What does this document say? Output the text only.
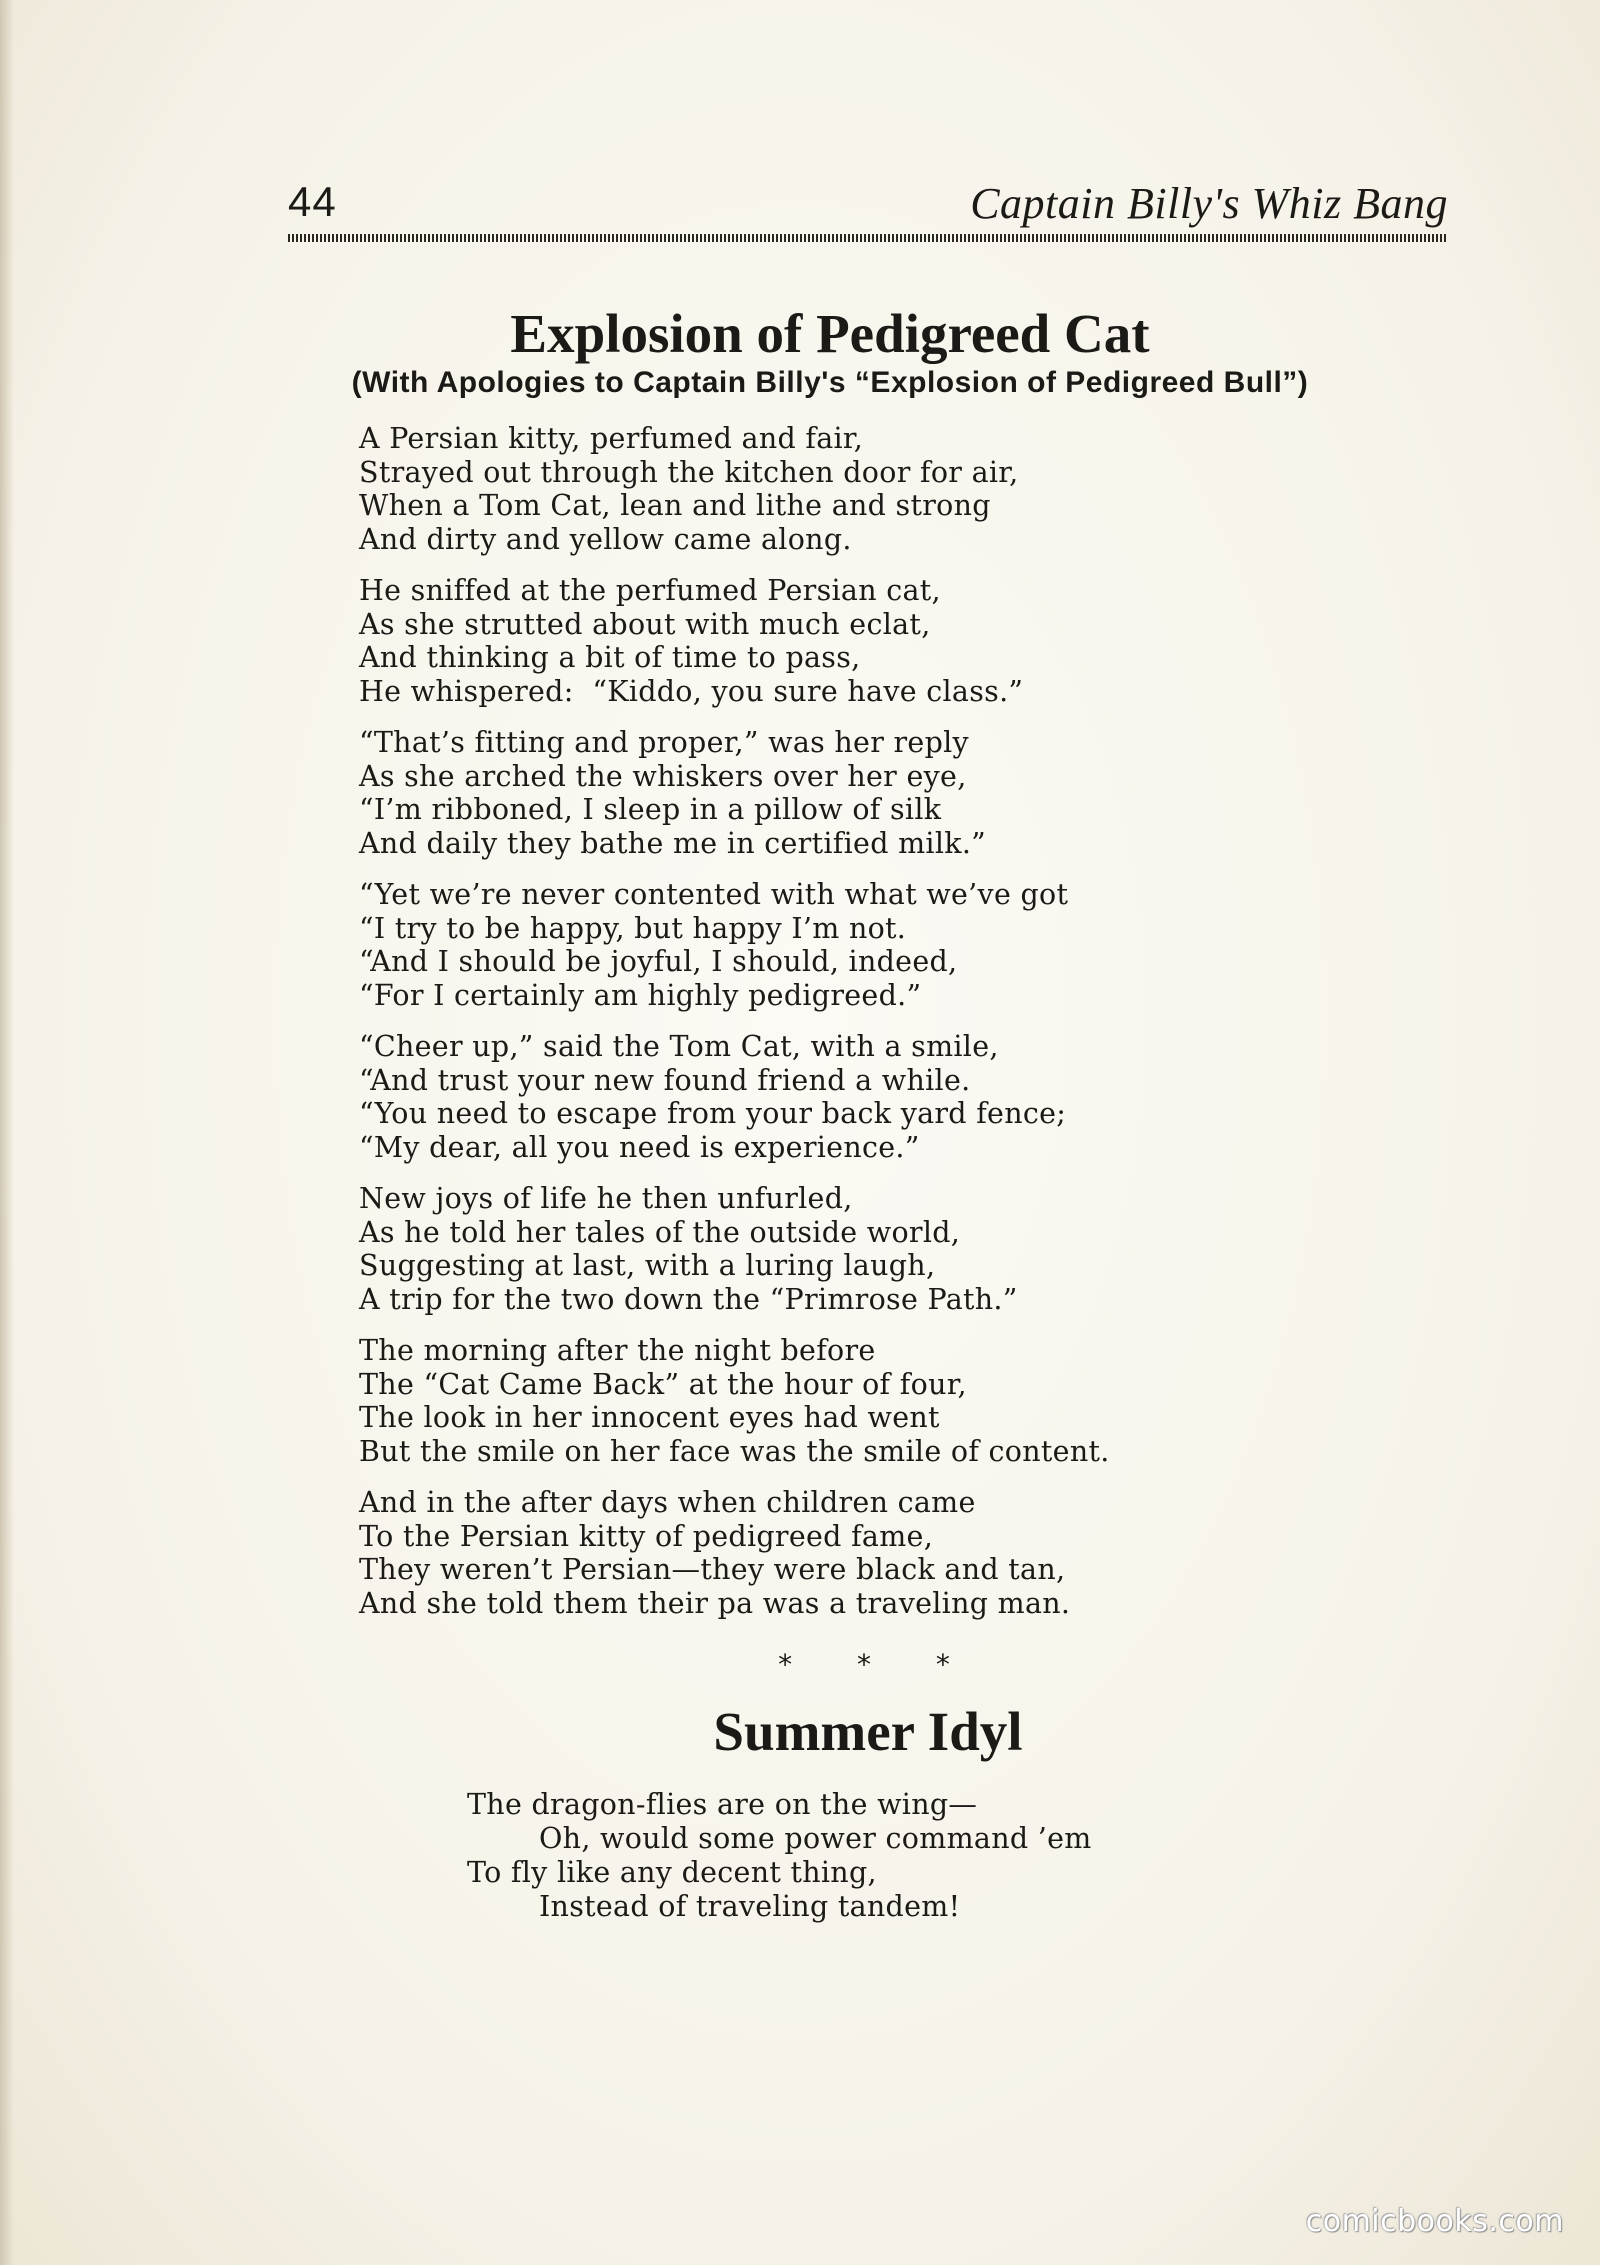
44	Captain Billy's Whiz Bang
Explosion of Pedigreed Cat
(With Apologies to Captain Billy's “Explosion of Pedigreed Bull”)
A Persian kitty, perfumed and fair,
Strayed out through the kitchen door for air,
When a Tom Cat, lean and lithe and strong
And dirty and yellow came along.
He sniffed at the perfumed Persian cat,
As she strutted about with much eclat,
And thinking a bit of time to pass,
He whispered:  “Kiddo, you sure have class.”
“That’s fitting and proper,” was her reply
As she arched the whiskers over her eye,
“I’m ribboned, I sleep in a pillow of silk
And daily they bathe me in certified milk.”
“Yet we’re never contented with what we’ve got
“I try to be happy, but happy I’m not.
“And I should be joyful, I should, indeed,
“For I certainly am highly pedigreed.”
“Cheer up,” said the Tom Cat, with a smile,
“And trust your new found friend a while.
“You need to escape from your back yard fence;
“My dear, all you need is experience.”
New joys of life he then unfurled,
As he told her tales of the outside world,
Suggesting at last, with a luring laugh,
A trip for the two down the “Primrose Path.”
The morning after the night before
The “Cat Came Back” at the hour of four,
The look in her innocent eyes had went
But the smile on her face was the smile of content.
And in the after days when children came
To the Persian kitty of pedigreed fame,
They weren’t Persian—they were black and tan,
And she told them their pa was a traveling man.
* * *
Summer Idyl
The dragon-flies are on the wing—
Oh, would some power command ’em
To fly like any decent thing,
Instead of traveling tandem!
comicbooks.com
